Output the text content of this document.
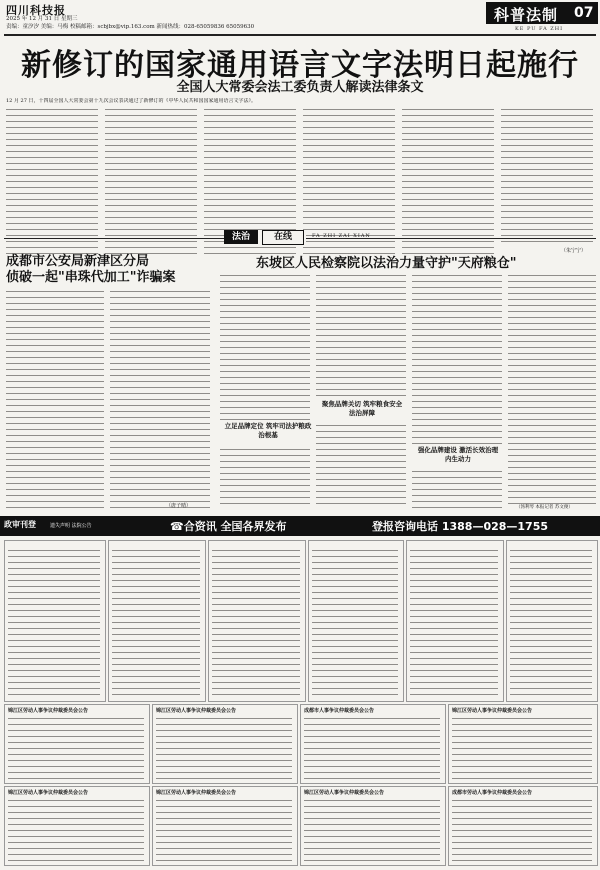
四川科技报
2025 年 12 月 31 日 星期三
责编：童汐汐 美编：马梅 校稿邮箱：scbjbx@vip.163.com 新闻热线：028-65059836 65059630
科普法制 07
KE PU FA ZHI
新修订的国家通用语言文字法明日起施行
全国人大常委会法工委负责人解读法律条文
12 月 27 日，十四届全国人大常委会第十九次会议表决通过了新修订的《中华人民共和国国家通用语言文字法》。
（朱宁宁）
法治	在线	FA ZHI ZAI XIAN
成都市公安局新津区分局
侦破一起"串珠代加工"诈骗案
（唐子晴）
东坡区人民检察院以法治力量守护"天府粮仓"
立足品牌定位 筑牢司法护粮政治根基
聚焦品牌关切 筑牢粮食安全法治屏障
强化品牌建设 激活长效治理内生动力
（汤利琴 本报记者 苏文俊）
政审刊登	遗失声明 法院公告	☎合资讯 全国各界发布	登报咨询电话 1388—028—1755
锦江区劳动人事争议仲裁委员会公告	锦江区劳动人事争议仲裁委员会公告	成都市人事争议仲裁委员会公告	锦江区劳动人事争议仲裁委员会公告
锦江区劳动人事争议仲裁委员会公告	锦江区劳动人事争议仲裁委员会公告	锦江区劳动人事争议仲裁委员会公告	成都市劳动人事争议仲裁委员会公告
